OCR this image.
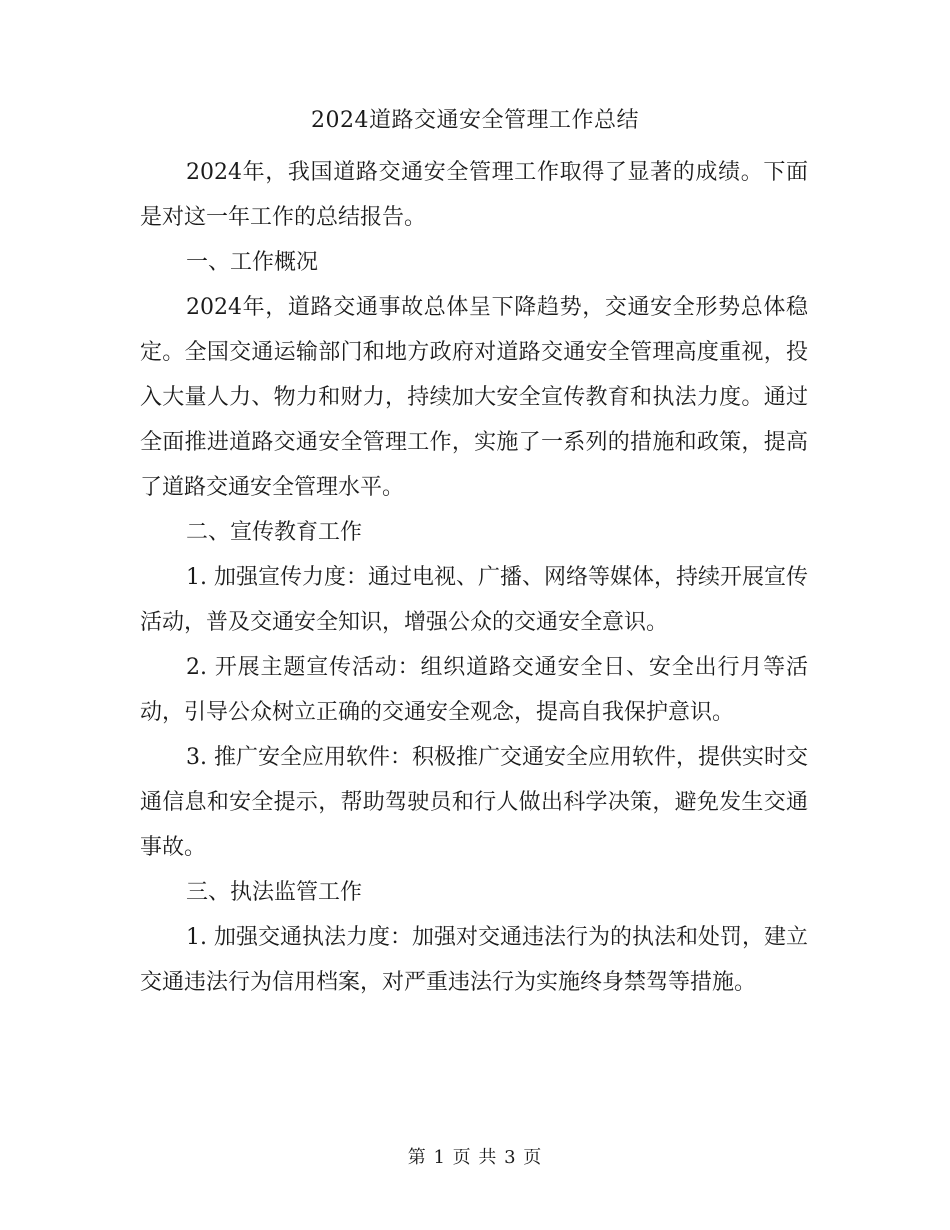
2024道路交通安全管理工作总结

2024年，我国道路交通安全管理工作取得了显著的成绩。下面是对这一年工作的总结报告。

一、工作概况

2024年，道路交通事故总体呈下降趋势，交通安全形势总体稳定。全国交通运输部门和地方政府对道路交通安全管理高度重视，投入大量人力、物力和财力，持续加大安全宣传教育和执法力度。通过全面推进道路交通安全管理工作，实施了一系列的措施和政策，提高了道路交通安全管理水平。

二、宣传教育工作

1. 加强宣传力度：通过电视、广播、网络等媒体，持续开展宣传活动，普及交通安全知识，增强公众的交通安全意识。

2. 开展主题宣传活动：组织道路交通安全日、安全出行月等活动，引导公众树立正确的交通安全观念，提高自我保护意识。

3. 推广安全应用软件：积极推广交通安全应用软件，提供实时交通信息和安全提示，帮助驾驶员和行人做出科学决策，避免发生交通事故。

三、执法监管工作

1. 加强交通执法力度：加强对交通违法行为的执法和处罚，建立交通违法行为信用档案，对严重违法行为实施终身禁驾等措施。

第 1 页 共 3 页
